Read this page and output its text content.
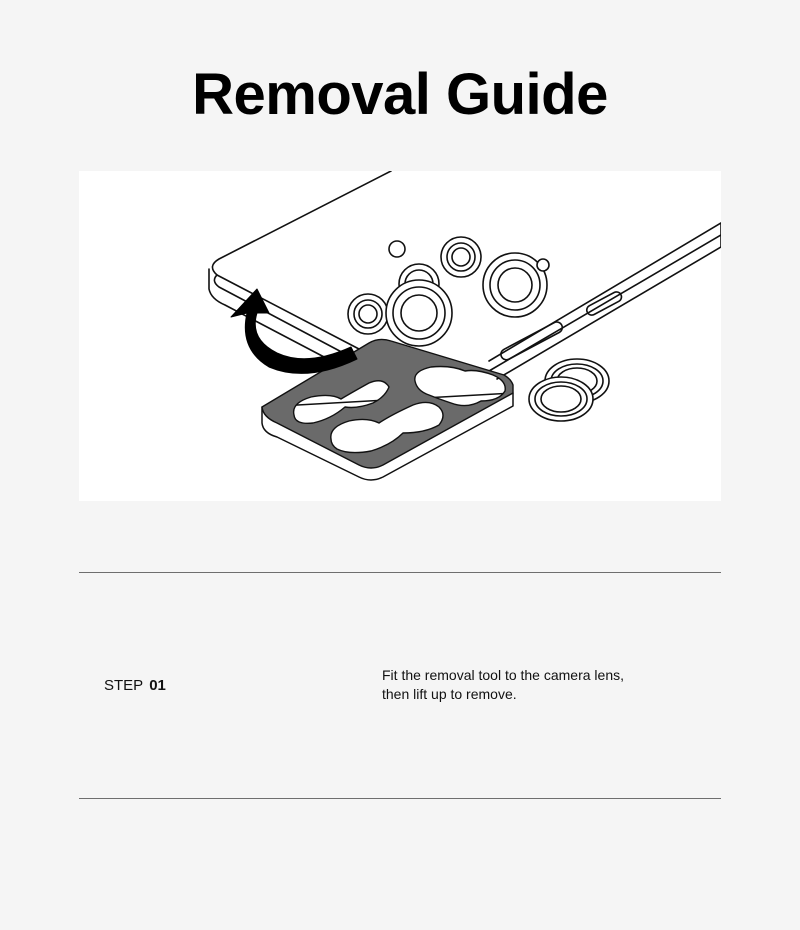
Removal Guide
STEP 01

Fit the removal tool to the camera lens,
then lift up to remove.
